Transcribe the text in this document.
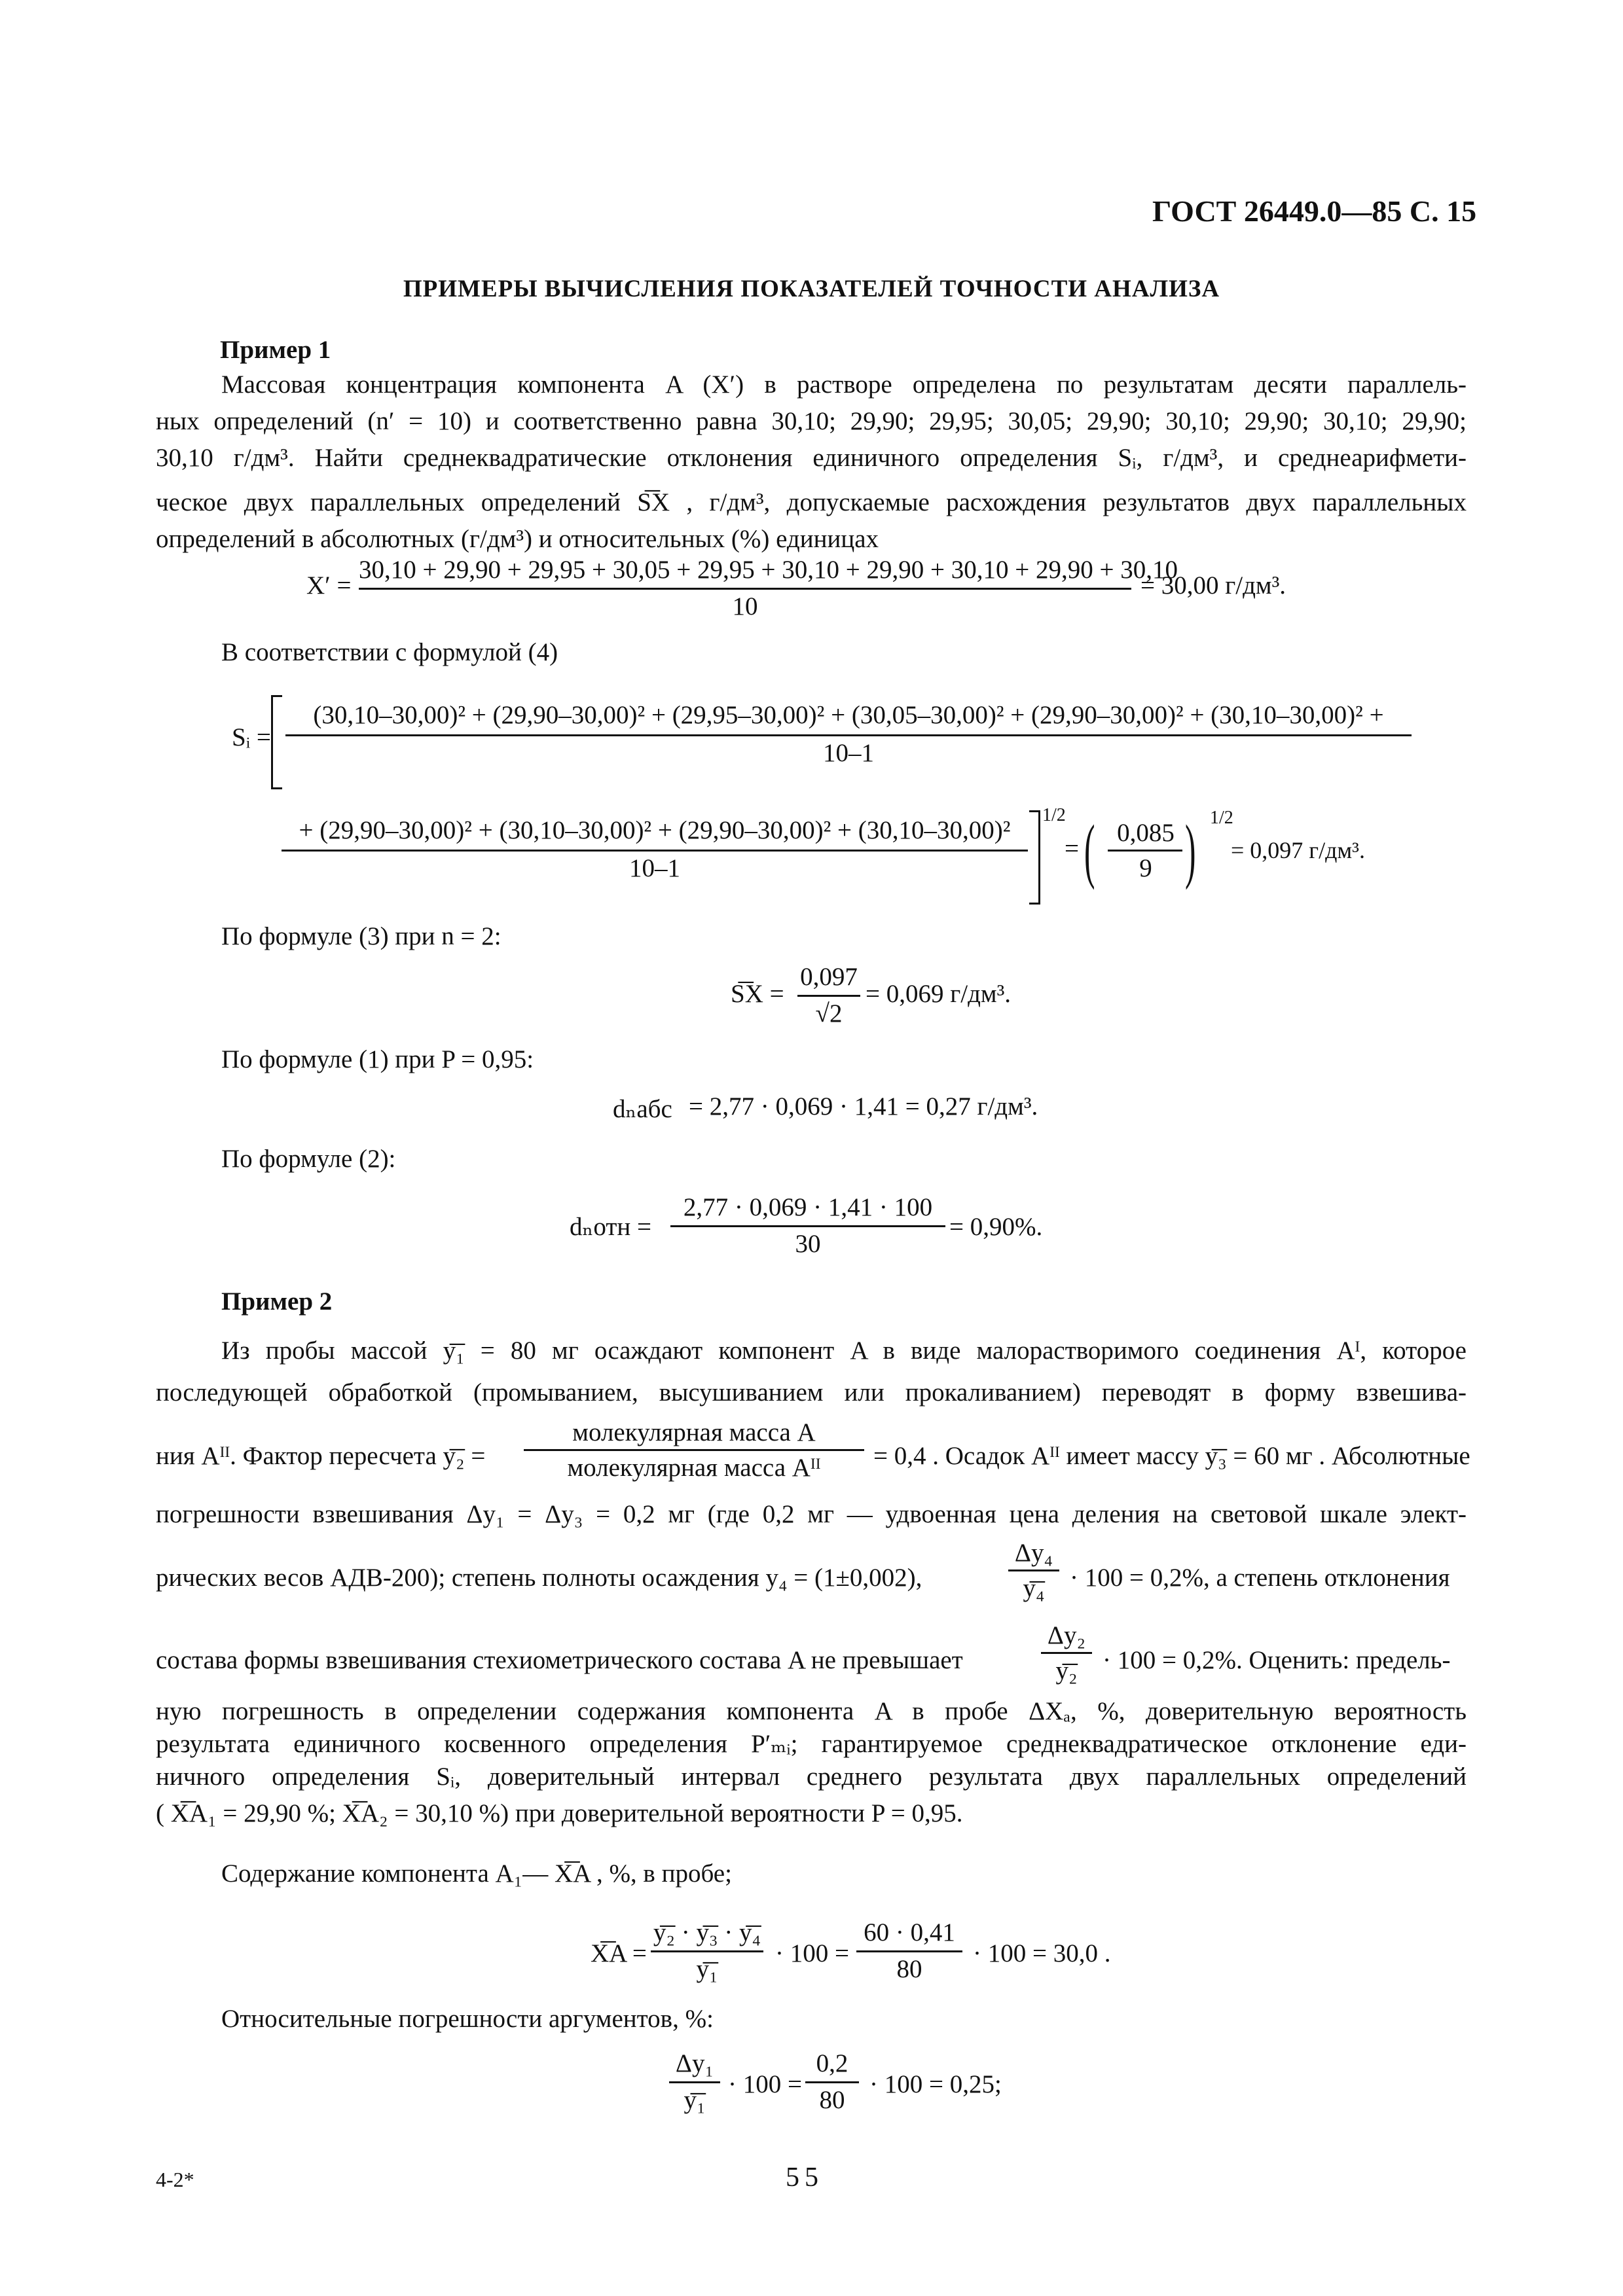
ГОСТ 26449.0—85 С. 15
ПРИМЕРЫ ВЫЧИСЛЕНИЯ ПОКАЗАТЕЛЕЙ ТОЧНОСТИ АНАЛИЗА
Пример 1
Массовая концентрация компонента A (X′) в растворе определена по результатам десяти параллель-
ных определений (n′ = 10) и соответственно равна 30,10; 29,90; 29,95; 30,05; 29,90; 30,10; 29,90; 30,10; 29,90;
30,10 г/дм³. Найти среднеквадратические отклонения единичного определения Sᵢ, г/дм³, и среднеарифмети-
ческое двух параллельных определений S͞X , г/дм³, допускаемые расхождения результатов двух параллельных
определений в абсолютных (г/дм³) и относительных (%) единицах
X′ =
30,10 + 29,90 + 29,95 + 30,05 + 29,95 + 30,10 + 29,90 + 30,10 + 29,90 + 30,10
10
= 30,00 г/дм³.
В соответствии с формулой (4)
Sᵢ =
(30,10–30,00)² + (29,90–30,00)² + (29,95–30,00)² + (30,05–30,00)² + (29,90–30,00)² + (30,10–30,00)² +
10–1
+ (29,90–30,00)² + (30,10–30,00)² + (29,90–30,00)² + (30,10–30,00)²
10–1
1/2
= ( 0,085
9 ) 1/2
= 0,097 г/дм³.
По формуле (3) при n = 2:
S͞X =
0,097
√2
= 0,069 г/дм³.
По формуле (1) при P = 0,95:
dₙабс = 2,77 · 0,069 · 1,41 = 0,27 г/дм³.
По формуле (2):
dₙотн =
2,77 · 0,069 · 1,41 · 100
30
= 0,90%.
Пример 2
Из пробы массой y͞₁ = 80 мг осаждают компонент A в виде малорастворимого соединения Aᴵ, которое
последующей обработкой (промыванием, высушиванием или прокаливанием) переводят в форму взвешива-
ния Aᴵᴵ. Фактор пересчета y͞₂ =
молекулярная масса A
молекулярная масса Aᴵᴵ	= 0,4 . Осадок Aᴵᴵ имеет массу y͞₃ = 60 мг . Абсолютные
погрешности взвешивания Δy₁ = Δy₃ = 0,2 мг (где 0,2 мг — удвоенная цена деления на световой шкале элект-
рических весов АДВ-200); степень полноты осаждения y₄ = (1±0,002),
Δy₄
y͞₄ · 100 = 0,2%, а степень отклонения
состава формы взвешивания стехиометрического состава A не превышает
Δy₂
y͞₂ · 100 = 0,2%. Оценить: предель-
ную погрешность в определении содержания компонента A в пробе ΔXₐ, %, доверительную вероятность
результата единичного косвенного определения P′ₘᵢ; гарантируемое среднеквадратическое отклонение еди-
ничного определения Sᵢ, доверительный интервал среднего результата двух параллельных определений
( X͞A₁ = 29,90 %; X͞A₂ = 30,10 %) при доверительной вероятности P = 0,95.
Содержание компонента A₁— X͞A , %, в пробе;
X͞A =
y͞₂ · y͞₃ · y͞₄
y͞₁
· 100 =
60 · 0,41
80
· 100 = 30,0 .
Относительные погрешности аргументов, %:
Δy₁
y͞₁
· 100 =
0,2
80
· 100 = 0,25;
4-2*	55
